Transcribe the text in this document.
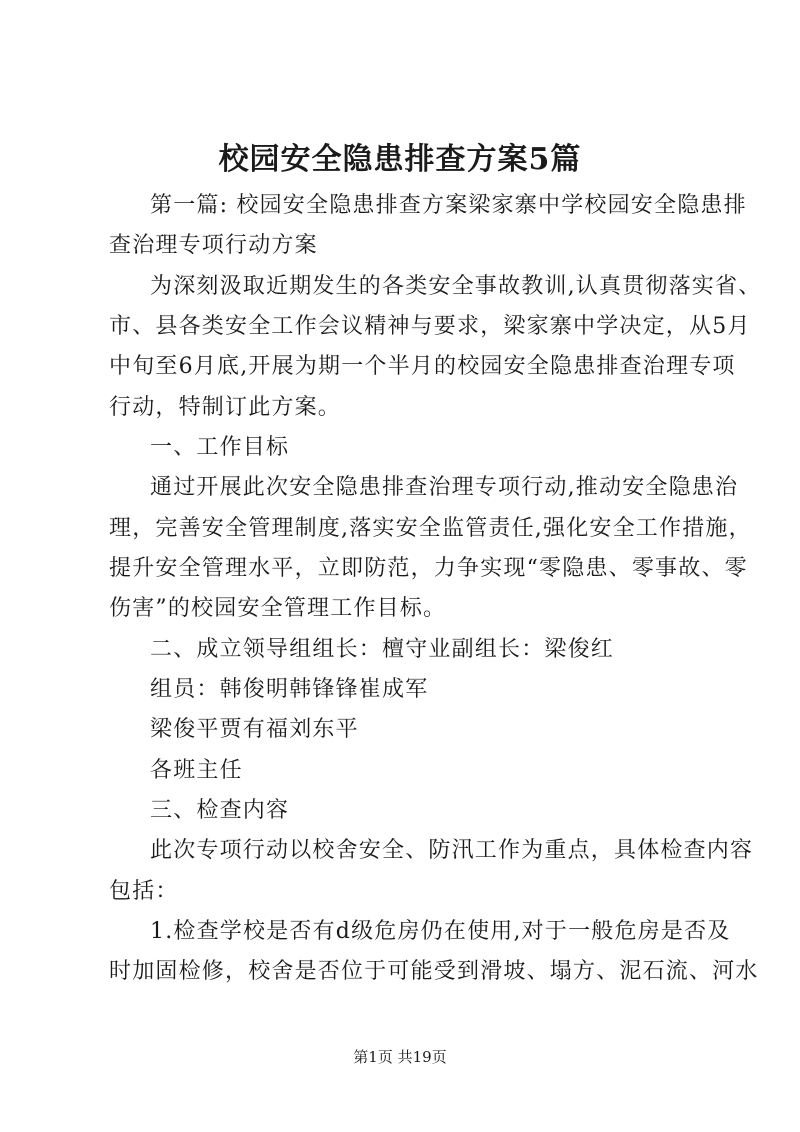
校园安全隐患排查方案5篇
第一篇: 校园安全隐患排查方案梁家寨中学校园安全隐患排
查治理专项行动方案
为深刻汲取近期发生的各类安全事故教训,认真贯彻落实省、
市、县各类安全工作会议精神与要求，梁家寨中学决定，从5月
中旬至6月底,开展为期一个半月的校园安全隐患排查治理专项
行动，特制订此方案。
一、工作目标
通过开展此次安全隐患排查治理专项行动,推动安全隐患治
理，完善安全管理制度,落实安全监管责任,强化安全工作措施，
提升安全管理水平，立即防范，力争实现“零隐患、零事故、零
伤害”的校园安全管理工作目标。
二、成立领导组组长：檀守业副组长：梁俊红
组员：韩俊明韩锋锋崔成军
梁俊平贾有福刘东平
各班主任
三、检查内容
此次专项行动以校舍安全、防汛工作为重点，具体检查内容
包括：
1.检查学校是否有d级危房仍在使用,对于一般危房是否及
时加固检修，校舍是否位于可能受到滑坡、塌方、泥石流、河水
第1页 共19页
